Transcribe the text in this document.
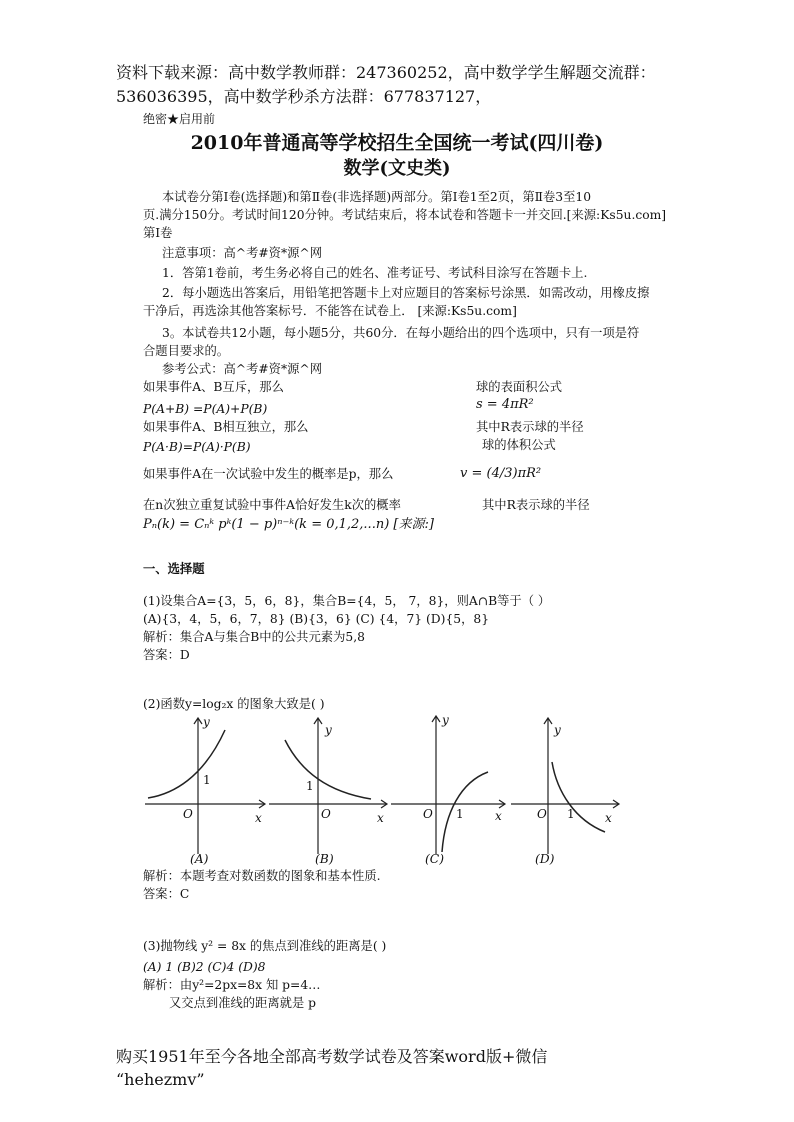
资料下载来源：高中数学教师群：247360252，高中数学学生解题交流群：
536036395，高中数学秒杀方法群：677837127，
绝密★启用前
2010年普通高等学校招生全国统一考试(四川卷)
数学(文史类)
本试卷分第Ⅰ卷(选择题)和第Ⅱ卷(非选择题)两部分。第Ⅰ卷1至2页，第Ⅱ卷3至10
页.满分150分。考试时间120分钟。考试结束后，将本试卷和答题卡一并交回.[来源:Ks5u.com]
第Ⅰ卷
注意事项：高^考#资*源^网
1．答第1卷前，考生务必将自己的姓名、准考证号、考试科目涂写在答题卡上.
2．每小题选出答案后，用铅笔把答题卡上对应题目的答案标号涂黑．如需改动，用橡皮擦
干净后，再选涂其他答案标号．不能答在试卷上． [来源:Ks5u.com]
3。本试卷共12小题，每小题5分，共60分．在每小题给出的四个选项中，只有一项是符
合题目要求的。
参考公式：高^考#资*源^网
如果事件A、B互斥，那么	球的表面积公式
P(A+B) =P(A)+P(B)	s = 4πR²
如果事件A、B相互独立，那么	其中R表示球的半径
P(A·B)=P(A)·P(B)	球的体积公式
如果事件A在一次试验中发生的概率是p，那么	v = (4/3)πR²
在n次独立重复试验中事件A恰好发生k次的概率	其中R表示球的半径
Pₙ(k) = Cₙᵏ pᵏ(1 − p)ⁿ⁻ᵏ(k = 0,1,2,...n) [来源:]
一、选择题
(1)设集合A={3，5，6，8}，集合B={4，5， 7，8}，则A∩B等于（ ）
(A){3，4，5，6，7，8} (B){3，6} (C) {4，7} (D){5，8}
解析：集合A与集合B中的公共元素为5,8
答案：D
(2)函数y=log₂x 的图象大致是( )
y
x
O
1
y
x
O
1
y
x
O 1
y
x
O 1
(A)	(B)	(C)	(D)
解析：本题考查对数函数的图象和基本性质.
答案：C
(3)抛物线 y² = 8x 的焦点到准线的距离是( )
(A) 1 (B)2 (C)4 (D)8
解析：由y²=2px=8x 知 p=4…
又交点到准线的距离就是 p
购买1951年至今各地全部高考数学试卷及答案word版+微信
“hehezmv”
